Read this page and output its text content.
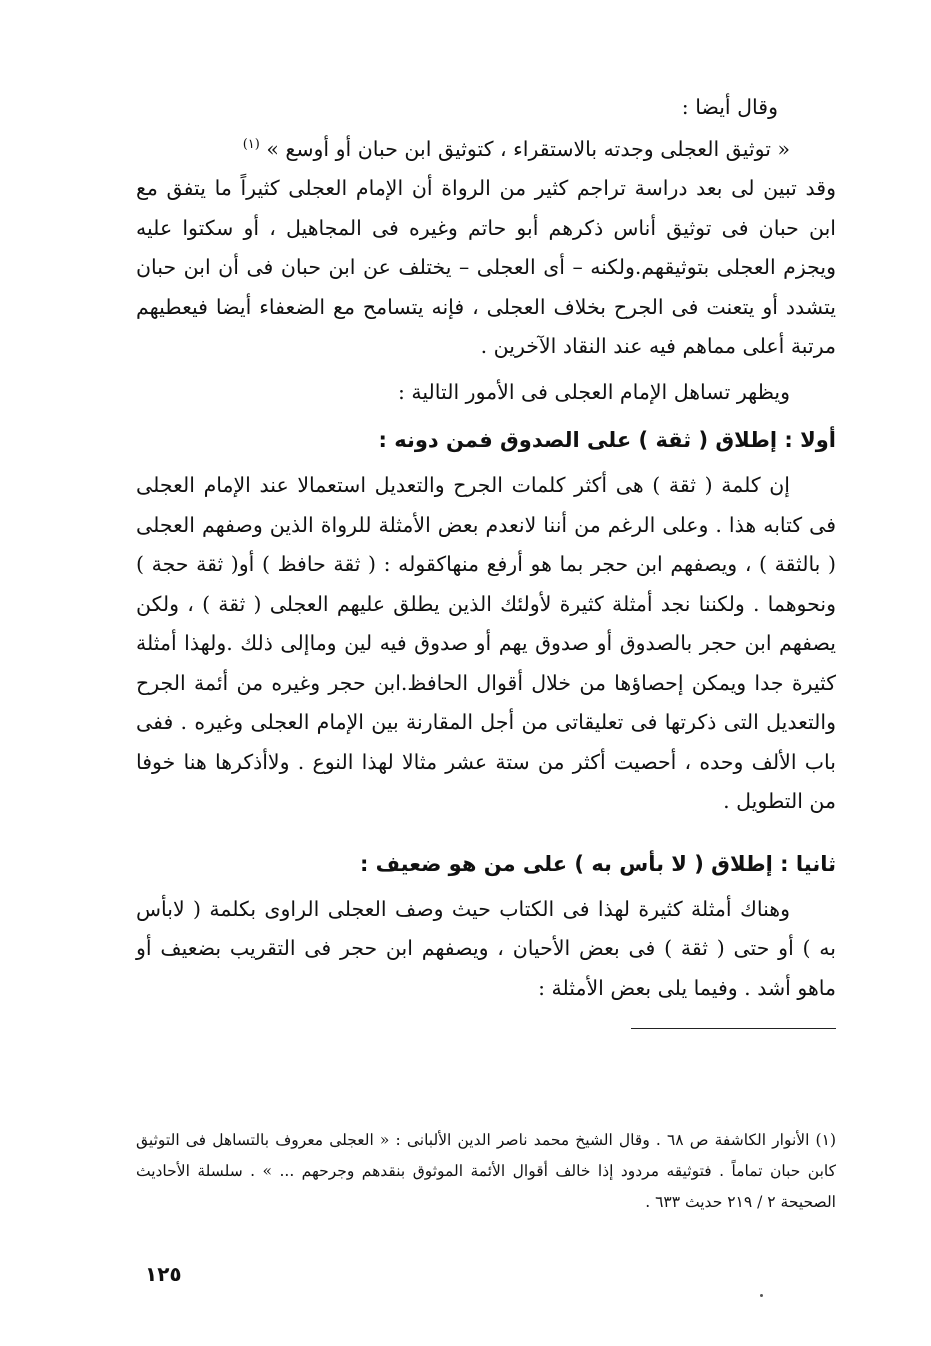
وقال أيضا :

« توثيق العجلى وجدته بالاستقراء ، كتوثيق ابن حبان أو أوسع » $^{(١)}$

وقد تبين لى بعد دراسة تراجم كثير من الرواة أن الإمام العجلى كثيراً ما يتفق مع ابن حبان فى توثيق أناس ذكرهم أبو حاتم وغيره فى المجاهيل ، أو سكتوا عليه ويجزم العجلى بتوثيقهم.ولكنه – أى العجلى – يختلف عن ابن حبان فى أن ابن حبان يتشدد أو يتعنت فى الجرح بخلاف العجلى ، فإنه يتسامح مع الضعفاء أيضا فيعطيهم مرتبة أعلى مماهم فيه عند النقاد الآخرين .

ويظهر تساهل الإمام العجلى فى الأمور التالية :

أولا : إطلاق ( ثقة ) على الصدوق فمن دونه :

إن كلمة ( ثقة ) هى أكثر كلمات الجرح والتعديل استعمالا عند الإمام العجلى فى كتابه هذا . وعلى الرغم من أننا لانعدم بعض الأمثلة للرواة الذين وصفهم العجلى ( بالثقة ) ، ويصفهم ابن حجر بما هو أرفع منهاكقوله : ( ثقة حافظ ) أو( ثقة حجة ) ونحوهما . ولكننا نجد أمثلة كثيرة لأولئك الذين يطلق عليهم العجلى ( ثقة ) ، ولكن يصفهم ابن حجر بالصدوق أو صدوق يهم أو صدوق فيه لين وماإلى ذلك .ولهذا أمثلة كثيرة جدا ويمكن إحصاؤها من خلال أقوال الحافظ.ابن حجر وغيره من أئمة الجرح والتعديل التى ذكرتها فى تعليقاتى من أجل المقارنة بين الإمام العجلى وغيره . ففى باب الألف وحده ، أحصيت أكثر من ستة عشر مثالا لهذا النوع . ولاأذكرها هنا خوفا من التطويل .

ثانيا : إطلاق ( لا بأس به ) على من هو ضعيف :

وهناك أمثلة كثيرة لهذا فى الكتاب حيث وصف العجلى الراوى بكلمة ( لابأس به ) أو حتى ( ثقة ) فى بعض الأحيان ، ويصفهم ابن حجر فى التقريب بضعيف أو ماهو أشد . وفيما يلى بعض الأمثلة :

(١) الأنوار الكاشفة ص ٦٨ . وقال الشيخ محمد ناصر الدين الألبانى : « العجلى معروف بالتساهل فى التوثيق كابن حبان تماماً . فتوثيقه مردود إذا خالف أقوال الأئمة الموثوق بنقدهم وجرحهم ... » . سلسلة الأحاديث الصحيحة ٢ / ٢١٩ حديث ٦٣٣ .

١٢٥
